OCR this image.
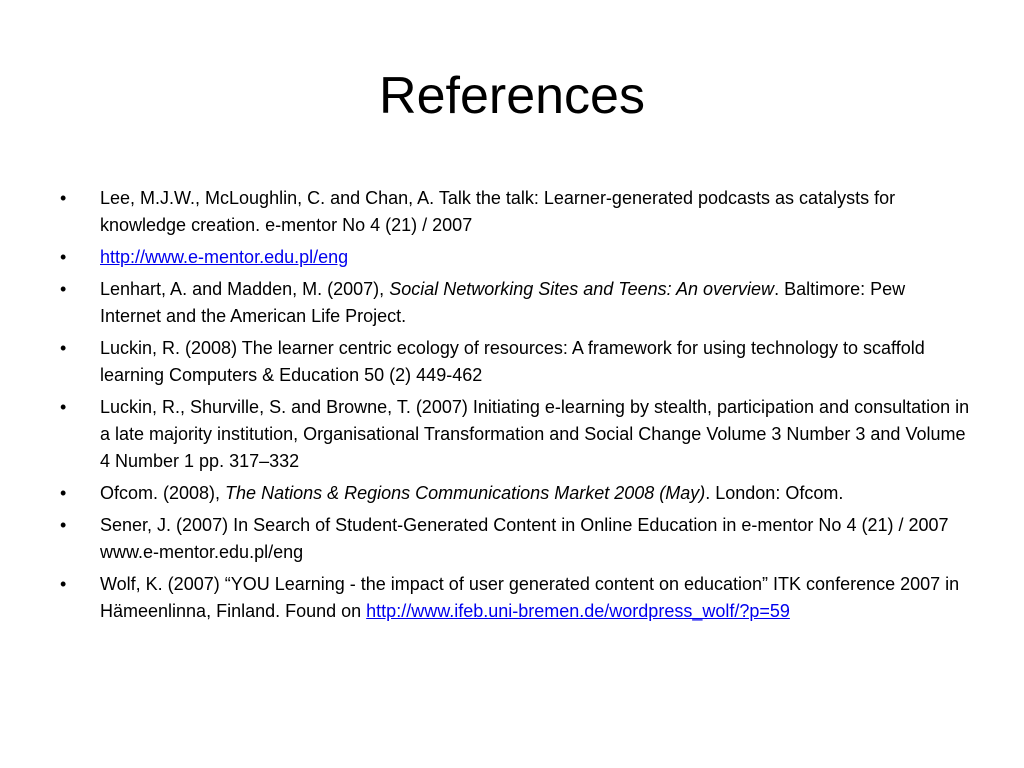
References
•	Lee, M.J.W., McLoughlin, C. and Chan, A. Talk the talk: Learner-generated podcasts as catalysts for knowledge creation. e-mentor No 4 (21) / 2007
•	http://www.e-mentor.edu.pl/eng
•	Lenhart, A. and Madden, M. (2007), Social Networking Sites and Teens: An overview. Baltimore: Pew Internet and the American Life Project.
•	Luckin, R. (2008) The learner centric ecology of resources: A framework for using technology to scaffold learning Computers & Education 50 (2) 449-462
•	Luckin, R., Shurville, S. and Browne, T. (2007) Initiating e-learning by stealth, participation and consultation in a late majority institution, Organisational Transformation and Social Change Volume 3 Number 3 and Volume 4 Number 1 pp. 317–332
•	Ofcom. (2008), The Nations & Regions Communications Market 2008 (May). London: Ofcom.
•	Sener, J. (2007) In Search of Student-Generated Content in Online Education in e-mentor No 4 (21) / 2007 www.e-mentor.edu.pl/eng
•	Wolf, K. (2007) “YOU Learning - the impact of user generated content on education” ITK conference 2007 in Hämeenlinna, Finland. Found on http://www.ifeb.uni-bremen.de/wordpress_wolf/?p=59
